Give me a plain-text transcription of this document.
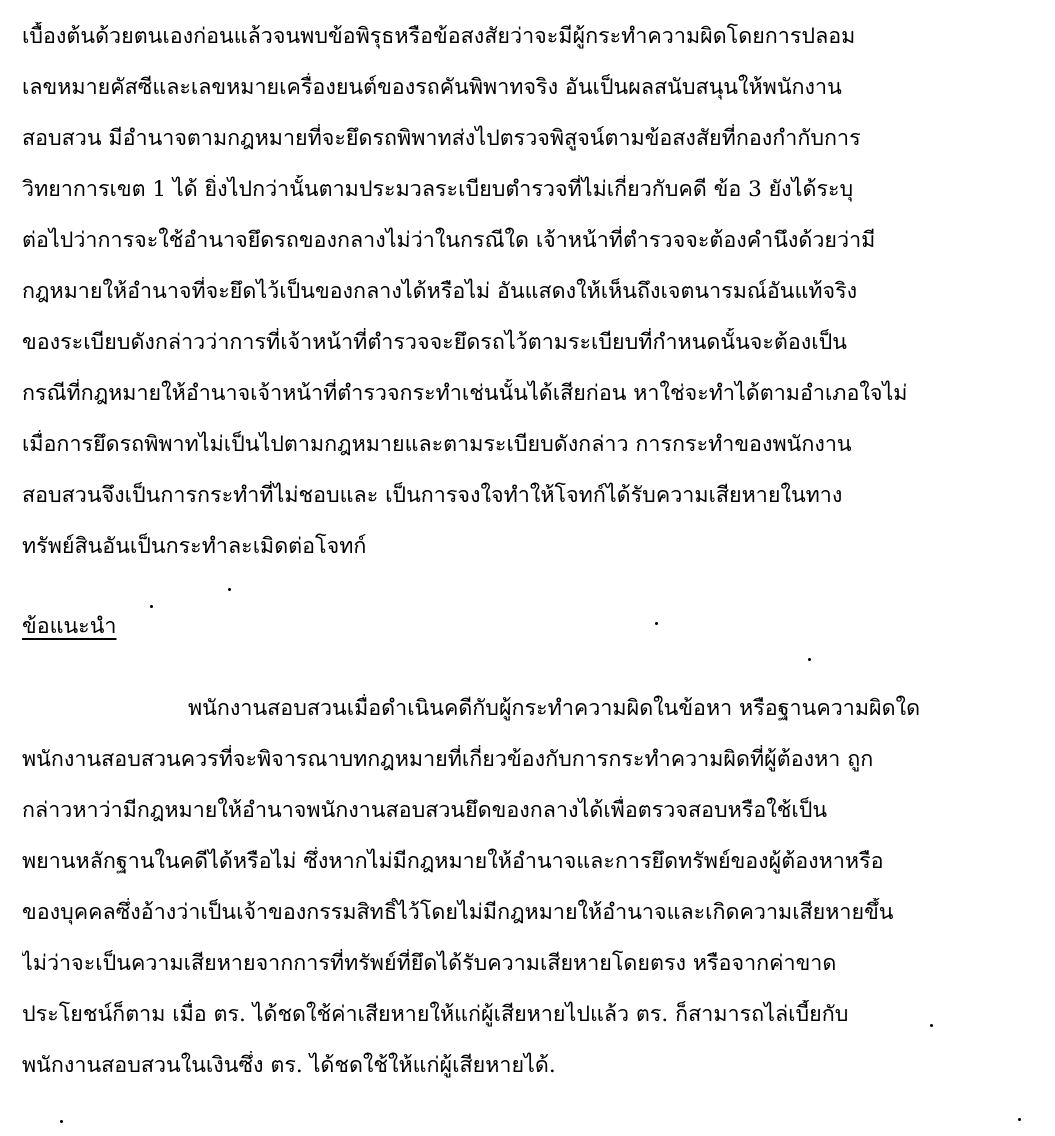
เบื้องต้นด้วยตนเองก่อนแล้วจนพบข้อพิรุธหรือข้อสงสัยว่าจะมีผู้กระทำความผิดโดยการปลอม
เลขหมายคัสซีและเลขหมายเครื่องยนต์ของรถคันพิพาทจริง อันเป็นผลสนับสนุนให้พนักงาน
สอบสวน มีอำนาจตามกฎหมายที่จะยึดรถพิพาทส่งไปตรวจพิสูจน์ตามข้อสงสัยที่กองกำกับการ
วิทยาการเขต 1 ได้ ยิ่งไปกว่านั้นตามประมวลระเบียบตำรวจที่ไม่เกี่ยวกับคดี ข้อ 3 ยังได้ระบุ
ต่อไปว่าการจะใช้อำนาจยึดรถของกลางไม่ว่าในกรณีใด เจ้าหน้าที่ตำรวจจะต้องคำนึงด้วยว่ามี
กฎหมายให้อำนาจที่จะยึดไว้เป็นของกลางได้หรือไม่ อันแสดงให้เห็นถึงเจตนารมณ์อันแท้จริง
ของระเบียบดังกล่าวว่าการที่เจ้าหน้าที่ตำรวจจะยึดรถไว้ตามระเบียบที่กำหนดนั้นจะต้องเป็น
กรณีที่กฎหมายให้อำนาจเจ้าหน้าที่ตำรวจกระทำเช่นนั้นได้เสียก่อน หาใช่จะทำได้ตามอำเภอใจไม่
เมื่อการยึดรถพิพาทไม่เป็นไปตามกฎหมายและตามระเบียบดังกล่าว การกระทำของพนักงาน
สอบสวนจึงเป็นการกระทำที่ไม่ชอบและ เป็นการจงใจทำให้โจทก์ได้รับความเสียหายในทาง
ทรัพย์สินอันเป็นกระทำละเมิดต่อโจทก์
ข้อแนะนำ
พนักงานสอบสวนเมื่อดำเนินคดีกับผู้กระทำความผิดในข้อหา หรือฐานความผิดใด
พนักงานสอบสวนควรที่จะพิจารณาบทกฎหมายที่เกี่ยวข้องกับการกระทำความผิดที่ผู้ต้องหา ถูก
กล่าวหาว่ามีกฎหมายให้อำนาจพนักงานสอบสวนยึดของกลางได้เพื่อตรวจสอบหรือใช้เป็น
พยานหลักฐานในคดีได้หรือไม่ ซึ่งหากไม่มีกฎหมายให้อำนาจและการยึดทรัพย์ของผู้ต้องหาหรือ
ของบุคคลซึ่งอ้างว่าเป็นเจ้าของกรรมสิทธิ์ไว้โดยไม่มีกฎหมายให้อำนาจและเกิดความเสียหายขึ้น
ไม่ว่าจะเป็นความเสียหายจากการที่ทรัพย์ที่ยึดได้รับความเสียหายโดยตรง หรือจากค่าขาด
ประโยชน์ก็ตาม เมื่อ ตร. ได้ชดใช้ค่าเสียหายให้แก่ผู้เสียหายไปแล้ว ตร. ก็สามารถไล่เบี้ยกับ
พนักงานสอบสวนในเงินซึ่ง ตร. ได้ชดใช้ให้แก่ผู้เสียหายได้.
